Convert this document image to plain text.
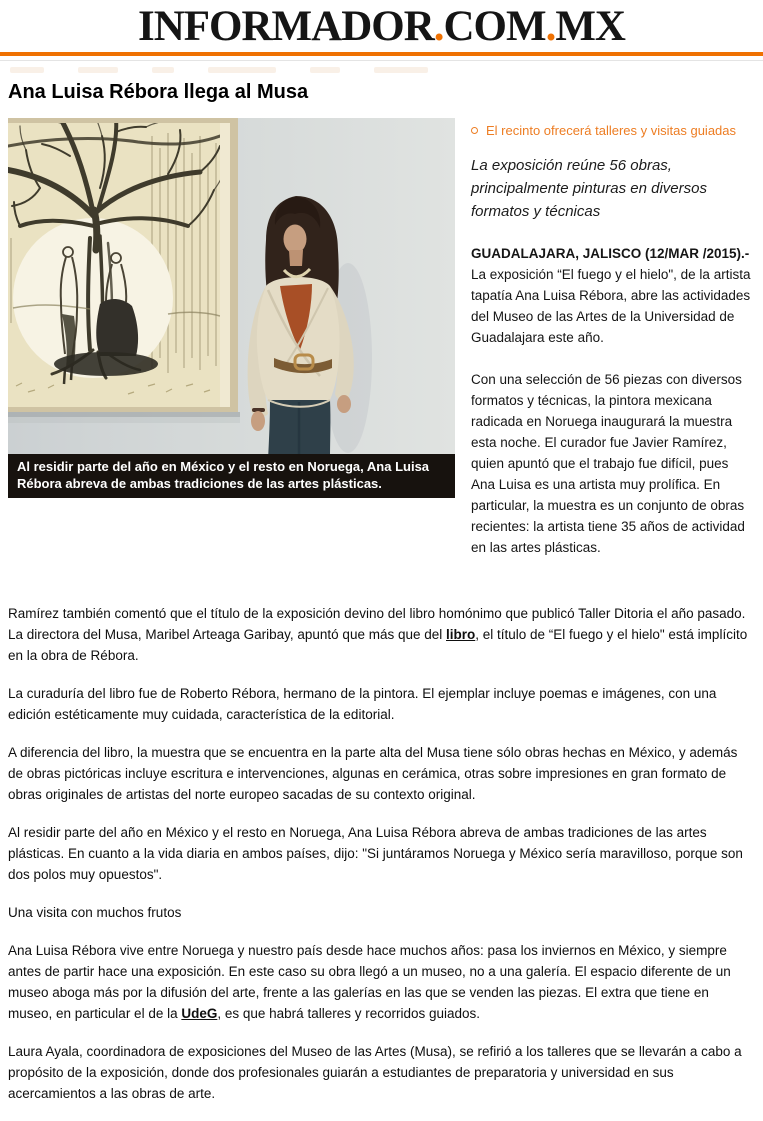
INFORMADOR.COM.MX
Ana Luisa Rébora llega al Musa
Al residir parte del año en México y el resto en Noruega, Ana Luisa Rébora abreva de ambas tradiciones de las artes plásticas.
El recinto ofrecerá talleres y visitas guiadas

La exposición reúne 56 obras, principalmente pinturas en diversos formatos y técnicas

GUADALAJARA, JALISCO (12/MAR /2015).- La exposición “El fuego y el hielo", de la artista tapatía Ana Luisa Rébora, abre las actividades del Museo de las Artes de la Universidad de Guadalajara este año.

Con una selección de 56 piezas con diversos formatos y técnicas, la pintora mexicana radicada en Noruega inaugurará la muestra esta noche. El curador fue Javier Ramírez, quien apuntó que el trabajo fue difícil, pues Ana Luisa es una artista muy prolífica. En particular, la muestra es un conjunto de obras recientes: la artista tiene 35 años de actividad en las artes plásticas.

Ramírez también comentó que el título de la exposición devino del libro homónimo que publicó Taller Ditoria el año pasado. La directora del Musa, Maribel Arteaga Garibay, apuntó que más que del libro, el título de “El fuego y el hielo" está implícito en la obra de Rébora.

La curaduría del libro fue de Roberto Rébora, hermano de la pintora. El ejemplar incluye poemas e imágenes, con una edición estéticamente muy cuidada, característica de la editorial.

A diferencia del libro, la muestra que se encuentra en la parte alta del Musa tiene sólo obras hechas en México, y además de obras pictóricas incluye escritura e intervenciones, algunas en cerámica, otras sobre impresiones en gran formato de obras originales de artistas del norte europeo sacadas de su contexto original.

Al residir parte del año en México y el resto en Noruega, Ana Luisa Rébora abreva de ambas tradiciones de las artes plásticas. En cuanto a la vida diaria en ambos países, dijo: "Si juntáramos Noruega y México sería maravilloso, porque son dos polos muy opuestos".

Una visita con muchos frutos

Ana Luisa Rébora vive entre Noruega y nuestro país desde hace muchos años: pasa los inviernos en México, y siempre antes de partir hace una exposición. En este caso su obra llegó a un museo, no a una galería. El espacio diferente de un museo aboga más por la difusión del arte, frente a las galerías en las que se venden las piezas. El extra que tiene en museo, en particular el de la UdeG, es que habrá talleres y recorridos guiados.

Laura Ayala, coordinadora de exposiciones del Museo de las Artes (Musa), se refirió a los talleres que se llevarán a cabo a propósito de la exposición, donde dos profesionales guiarán a estudiantes de preparatoria y universidad en sus acercamientos a las obras de arte.
